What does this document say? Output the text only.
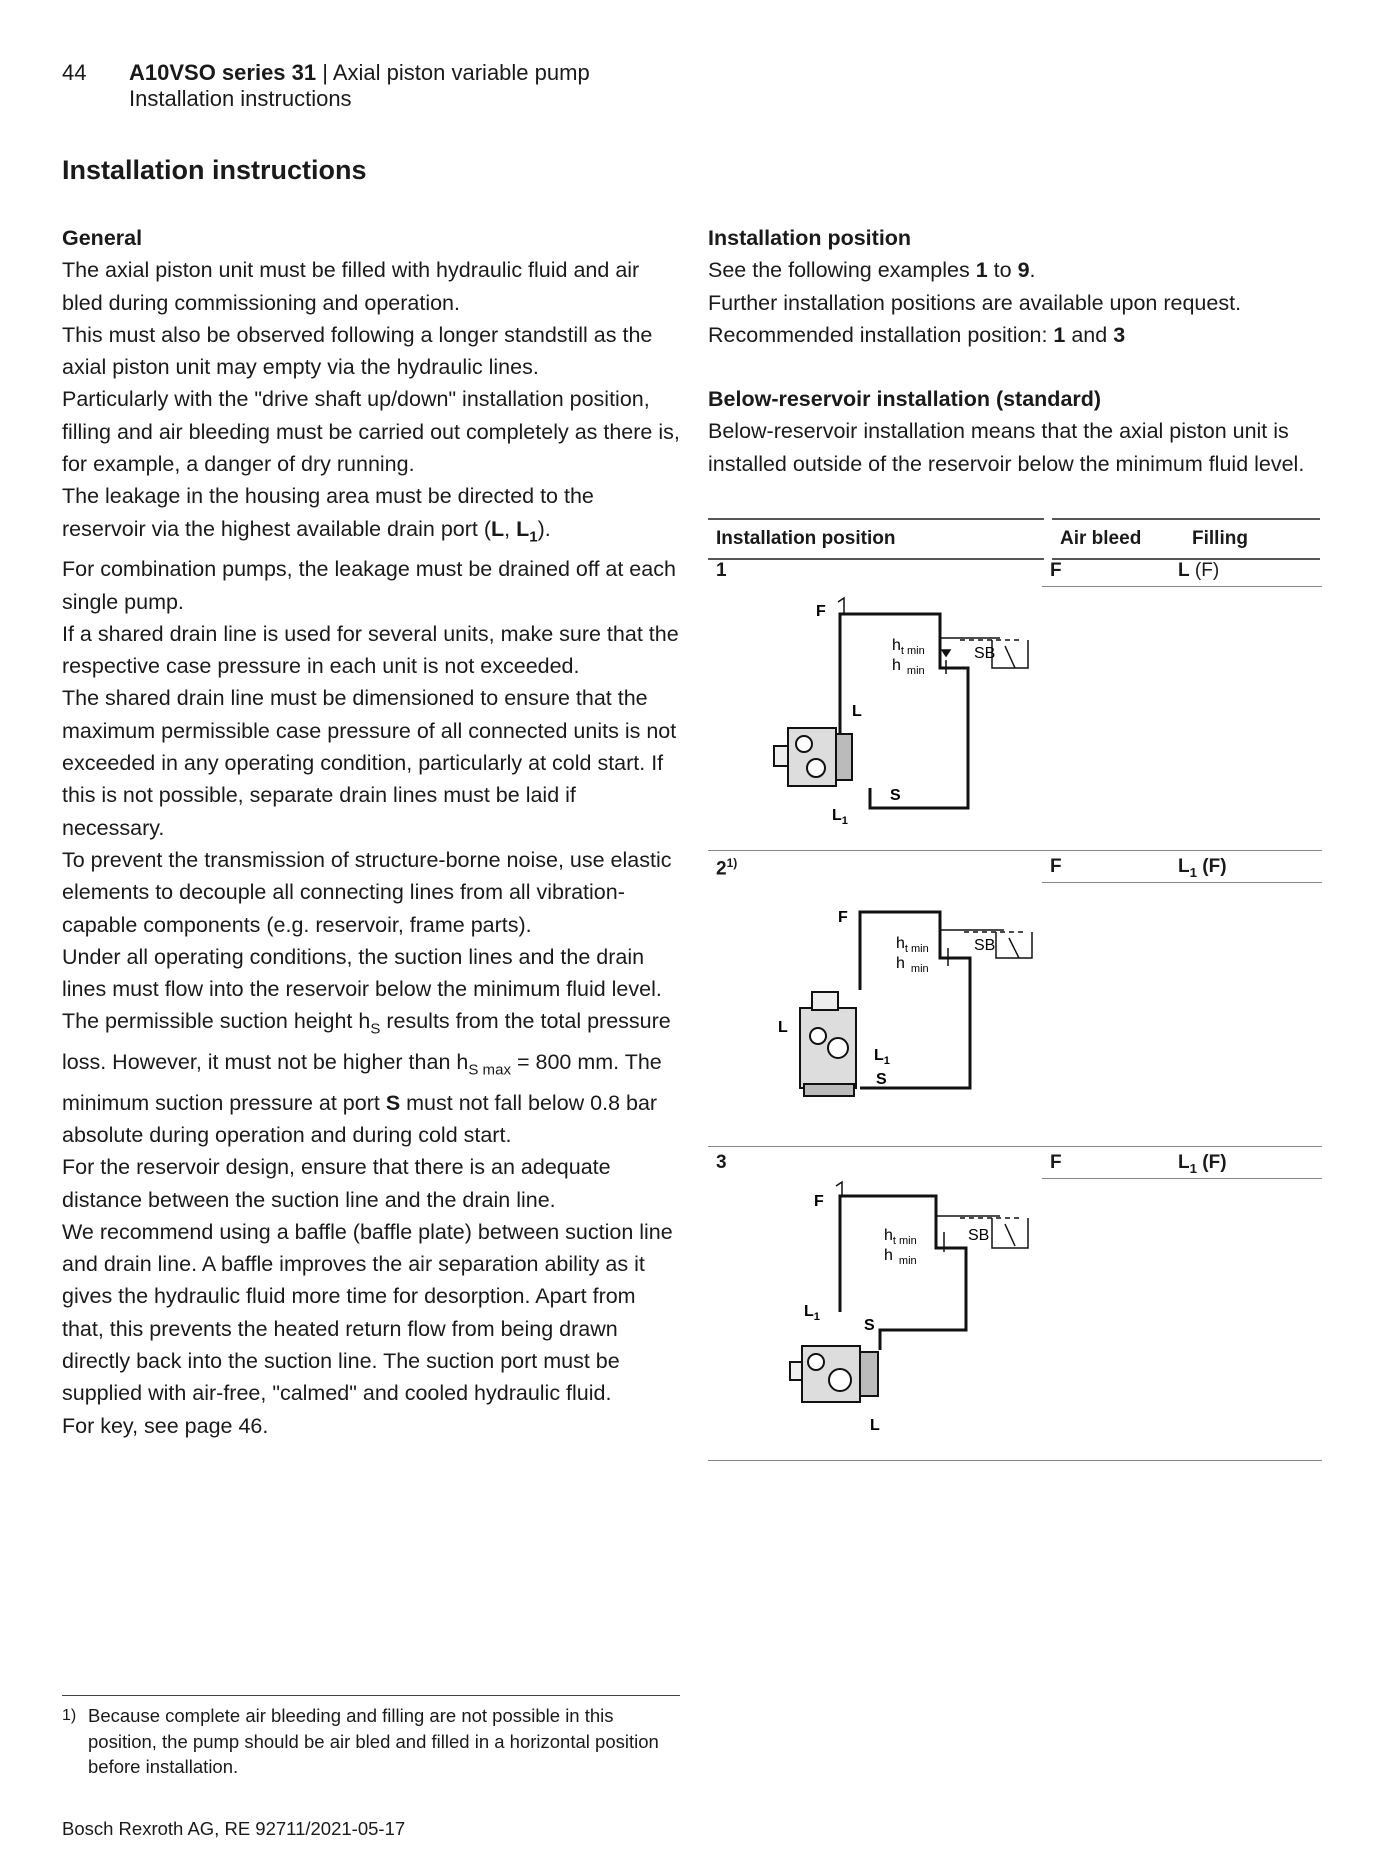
44 A10VSO series 31 | Axial piston variable pump
Installation instructions
Installation instructions

General

The axial piston unit must be filled with hydraulic fluid and air bled during commissioning and operation.

This must also be observed following a longer standstill as the axial piston unit may empty via the hydraulic lines.

Particularly with the "drive shaft up/down" installation position, filling and air bleeding must be carried out completely as there is, for example, a danger of dry running.

The leakage in the housing area must be directed to the reservoir via the highest available drain port (L, $L_1$).

For combination pumps, the leakage must be drained off at each single pump.

If a shared drain line is used for several units, make sure that the respective case pressure in each unit is not exceeded.

The shared drain line must be dimensioned to ensure that the maximum permissible case pressure of all connected units is not exceeded in any operating condition, particularly at cold start. If this is not possible, separate drain lines must be laid if necessary.

To prevent the transmission of structure-borne noise, use elastic elements to decouple all connecting lines from all vibration-capable components (e.g. reservoir, frame parts).

Under all operating conditions, the suction lines and the drain lines must flow into the reservoir below the minimum fluid level. The permissible suction height $h_S$ results from the total pressure loss. However, it must not be higher than $h_{S max} = 800$ mm. The minimum suction pressure at port S must not fall below 0.8 bar absolute during operation and during cold start.

For the reservoir design, ensure that there is an adequate distance between the suction line and the drain line.

We recommend using a baffle (baffle plate) between suction line and drain line. A baffle improves the air separation ability as it gives the hydraulic fluid more time for desorption. Apart from that, this prevents the heated return flow from being drawn directly back into the suction line. The suction port must be supplied with air-free, "calmed" and cooled hydraulic fluid.

For key, see page 46.

Installation position

See the following examples 1 to 9.

Further installation positions are available upon request.

Recommended installation position: 1 and 3

Below-reservoir installation (standard)

Below-reservoir installation means that the axial piston unit is installed outside of the reservoir below the minimum fluid level.

Installation position	Air bleed	Filling
1	F	L (F)
2$^{1)}$	F	$L_1$ (F)
3	F	$L_1$ (F)
F
L
S
$L_1$
$h_{t min}$
h $_{min}$
SB
F
L
$L_1$
S
$h_{t min}$
h $_{min}$
SB
F
$L_1$	S
L
$h_{t min}$
h $_{min}$
SB
1) Because complete air bleeding and filling are not possible in this position, the pump should be air bled and filled in a horizontal position before installation.
Bosch Rexroth AG, RE 92711/2021-05-17
